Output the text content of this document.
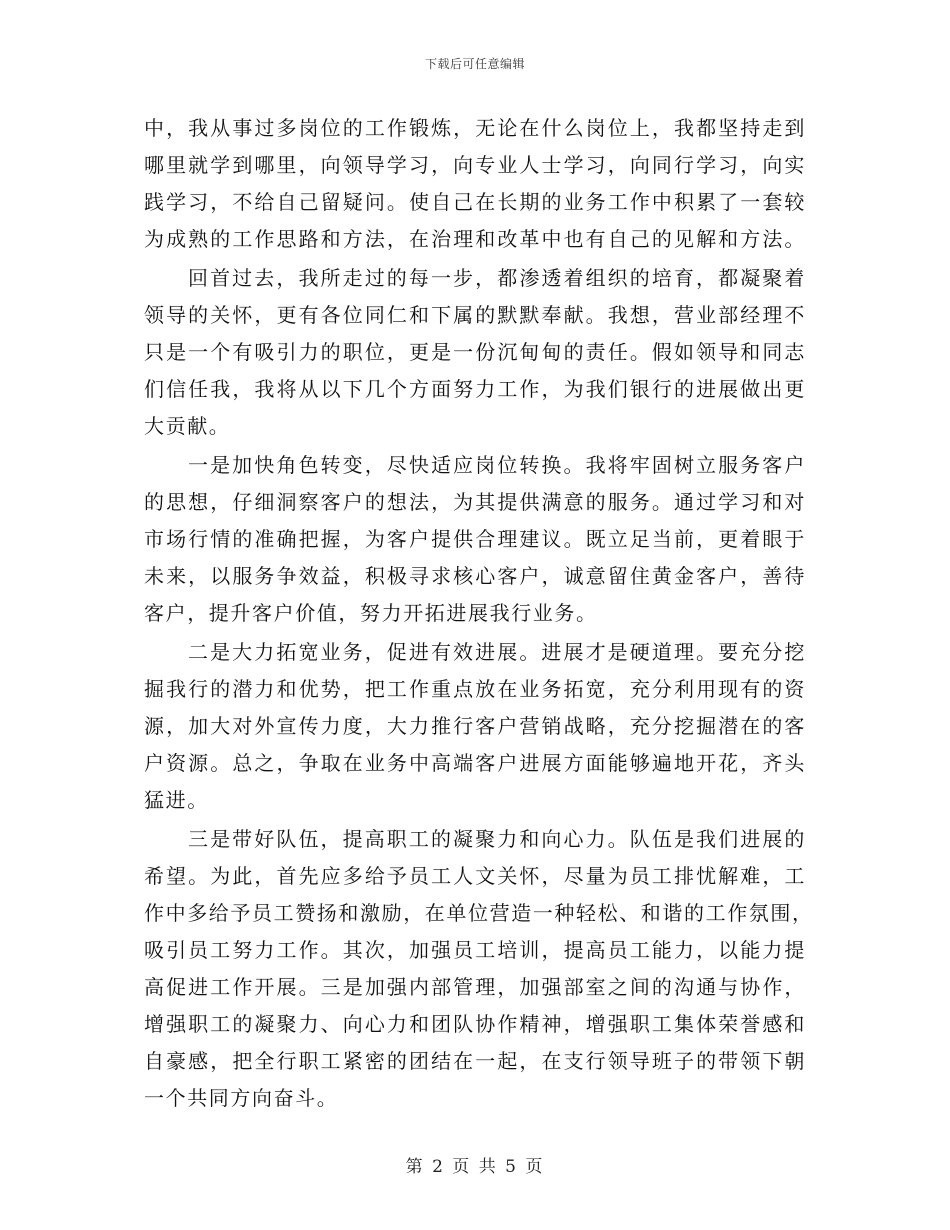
下载后可任意编辑
中，我从事过多岗位的工作锻炼，无论在什么岗位上，我都坚持走到
哪里就学到哪里，向领导学习，向专业人士学习，向同行学习，向实
践学习，不给自己留疑问。使自己在长期的业务工作中积累了一套较
为成熟的工作思路和方法，在治理和改革中也有自己的见解和方法。
回首过去，我所走过的每一步，都渗透着组织的培育，都凝聚着
领导的关怀，更有各位同仁和下属的默默奉献。我想，营业部经理不
只是一个有吸引力的职位，更是一份沉甸甸的责任。假如领导和同志
们信任我，我将从以下几个方面努力工作，为我们银行的进展做出更
大贡献。
一是加快角色转变，尽快适应岗位转换。我将牢固树立服务客户
的思想，仔细洞察客户的想法，为其提供满意的服务。通过学习和对
市场行情的准确把握，为客户提供合理建议。既立足当前，更着眼于
未来，以服务争效益，积极寻求核心客户，诚意留住黄金客户，善待
客户，提升客户价值，努力开拓进展我行业务。
二是大力拓宽业务，促进有效进展。进展才是硬道理。要充分挖
掘我行的潜力和优势，把工作重点放在业务拓宽，充分利用现有的资
源，加大对外宣传力度，大力推行客户营销战略，充分挖掘潜在的客
户资源。总之，争取在业务中高端客户进展方面能够遍地开花，齐头
猛进。
三是带好队伍，提高职工的凝聚力和向心力。队伍是我们进展的
希望。为此，首先应多给予员工人文关怀，尽量为员工排忧解难，工
作中多给予员工赞扬和激励，在单位营造一种轻松、和谐的工作氛围，
吸引员工努力工作。其次，加强员工培训，提高员工能力，以能力提
高促进工作开展。三是加强内部管理，加强部室之间的沟通与协作，
增强职工的凝聚力、向心力和团队协作精神，增强职工集体荣誉感和
自豪感，把全行职工紧密的团结在一起，在支行领导班子的带领下朝
一个共同方向奋斗。
第 2 页 共 5 页
